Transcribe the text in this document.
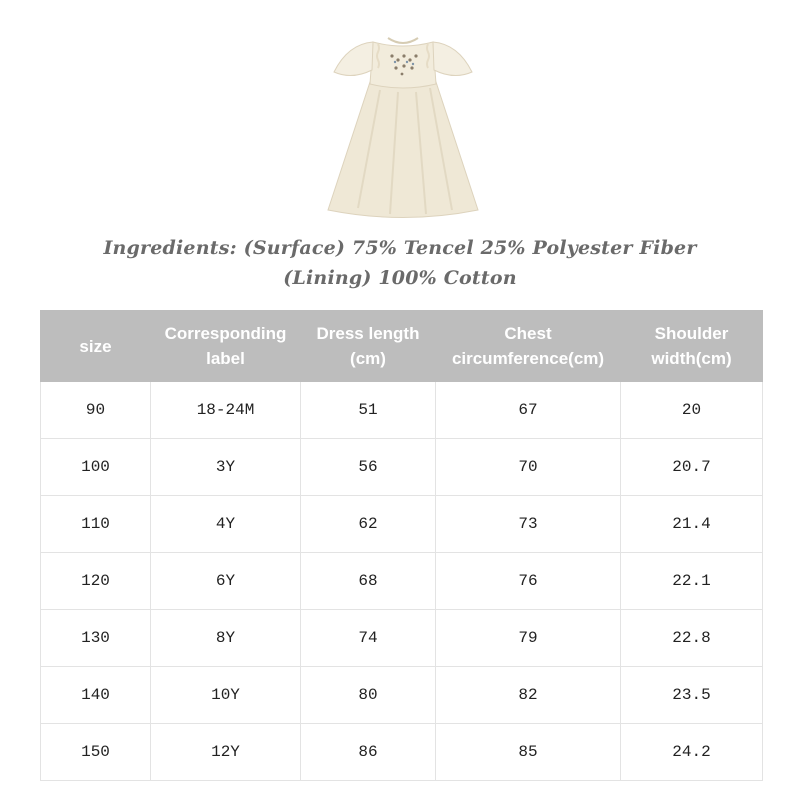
Ingredients: (Surface) 75% Tencel 25% Polyester Fiber
(Lining) 100% Cotton
size	Corresponding label	Dress length (cm)	Chest circumference(cm)	Shoulder width(cm)
90	18-24M	51	67	20
100	3Y	56	70	20.7
110	4Y	62	73	21.4
120	6Y	68	76	22.1
130	8Y	74	79	22.8
140	10Y	80	82	23.5
150	12Y	86	85	24.2
